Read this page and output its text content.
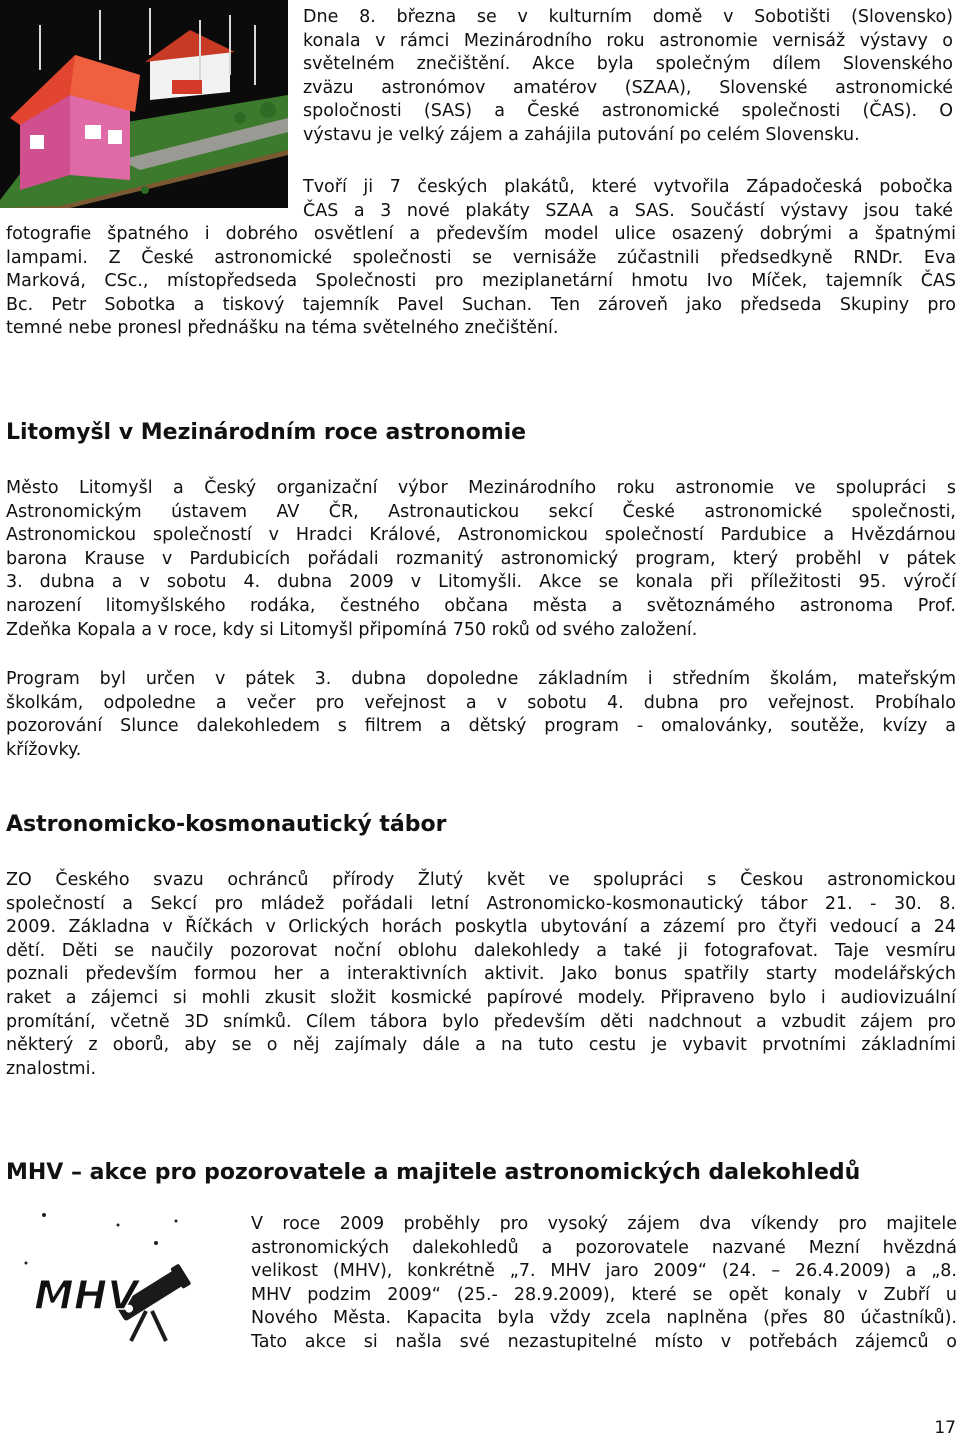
Dne 8. března se v kulturním domě v Sobotišti (Slovensko)
konala v rámci Mezinárodního roku astronomie vernisáž výstavy o
světelném znečištění. Akce byla společným dílem Slovenského
zväzu astronómov amatérov (SZAA), Slovenské astronomické
spoločnosti (SAS) a České astronomické společnosti (ČAS). O
výstavu je velký zájem a zahájila putování po celém Slovensku.
Tvoří ji 7 českých plakátů, které vytvořila Západočeská pobočka
ČAS a 3 nové plakáty SZAA a SAS. Součástí výstavy jsou také
fotografie špatného i dobrého osvětlení a především model ulice osazený dobrými a špatnými
lampami. Z České astronomické společnosti se vernisáže zúčastnili předsedkyně RNDr. Eva
Marková, CSc., místopředseda Společnosti pro meziplanetární hmotu Ivo Míček, tajemník ČAS
Bc. Petr Sobotka a tiskový tajemník Pavel Suchan. Ten zároveň jako předseda Skupiny pro
temné nebe pronesl přednášku na téma světelného znečištění.
Litomyšl v Mezinárodním roce astronomie
Město Litomyšl a Český organizační výbor Mezinárodního roku astronomie ve spolupráci s
Astronomickým ústavem AV ČR, Astronautickou sekcí České astronomické společnosti,
Astronomickou společností v Hradci Králové, Astronomickou společností Pardubice a Hvězdárnou
barona Krause v Pardubicích pořádali rozmanitý astronomický program, který proběhl v pátek
3. dubna a v sobotu 4. dubna 2009 v Litomyšli. Akce se konala při příležitosti 95. výročí
narození litomyšlského rodáka, čestného občana města a světoznámého astronoma Prof.
Zdeňka Kopala a v roce, kdy si Litomyšl připomíná 750 roků od svého založení.
Program byl určen v pátek 3. dubna dopoledne základním i středním školám, mateřským
školkám, odpoledne a večer pro veřejnost a v sobotu 4. dubna pro veřejnost. Probíhalo
pozorování Slunce dalekohledem s filtrem a dětský program - omalovánky, soutěže, kvízy a
křížovky.
Astronomicko-kosmonautický tábor
ZO Českého svazu ochránců přírody Žlutý květ ve spolupráci s Českou astronomickou
společností a Sekcí pro mládež pořádali letní Astronomicko-kosmonautický tábor 21. - 30. 8.
2009. Základna v Říčkách v Orlických horách poskytla ubytování a zázemí pro čtyři vedoucí a 24
dětí. Děti se naučily pozorovat noční oblohu dalekohledy a také ji fotografovat. Taje vesmíru
poznali především formou her a interaktivních aktivit. Jako bonus spatřily starty modelářských
raket a zájemci si mohli zkusit složit kosmické papírové modely. Připraveno bylo i audiovizuální
promítání, včetně 3D snímků. Cílem tábora bylo především děti nadchnout a vzbudit zájem pro
některý z oborů, aby se o něj zajímaly dále a na tuto cestu je vybavit prvotními základními
znalostmi.
MHV – akce pro pozorovatele a majitele astronomických dalekohledů
MHV
V roce 2009 proběhly pro vysoký zájem dva víkendy pro majitele
astronomických dalekohledů a pozorovatele nazvané Mezní hvězdná
velikost (MHV), konkrétně „7. MHV jaro 2009“ (24. – 26.4.2009) a „8.
MHV podzim 2009“ (25.- 28.9.2009), které se opět konaly v Zubří u
Nového Města. Kapacita byla vždy zcela naplněna (přes 80 účastníků).
Tato akce si našla své nezastupitelné místo v potřebách zájemců o
17
